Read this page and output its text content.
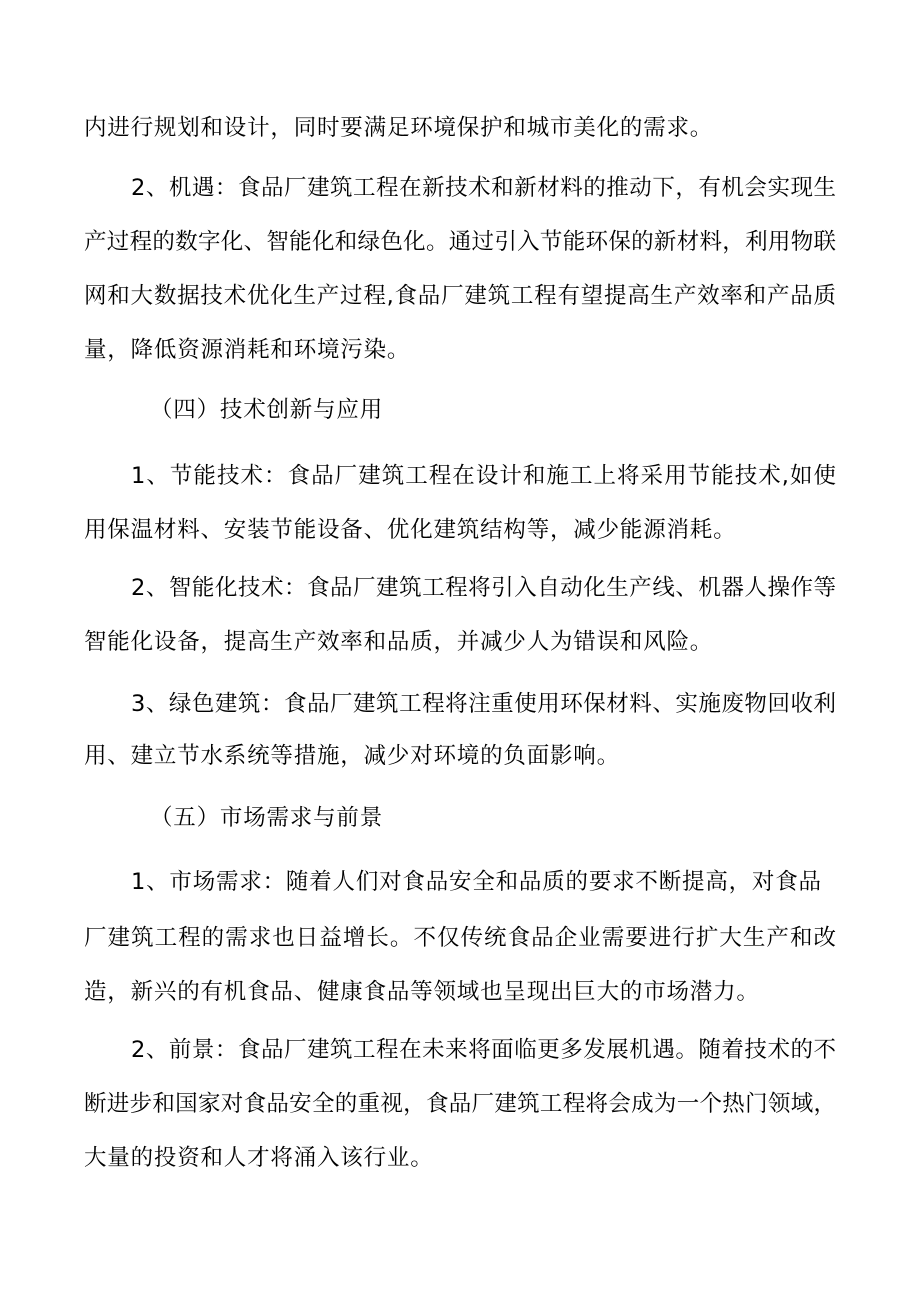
内进行规划和设计，同时要满足环境保护和城市美化的需求。
2、机遇：食品厂建筑工程在新技术和新材料的推动下，有机会实现生
产过程的数字化、智能化和绿色化。通过引入节能环保的新材料，利用物联
网和大数据技术优化生产过程,食品厂建筑工程有望提高生产效率和产品质
量，降低资源消耗和环境污染。
（四）技术创新与应用
1、节能技术：食品厂建筑工程在设计和施工上将采用节能技术,如使
用保温材料、安装节能设备、优化建筑结构等，减少能源消耗。
2、智能化技术：食品厂建筑工程将引入自动化生产线、机器人操作等
智能化设备，提高生产效率和品质，并减少人为错误和风险。
3、绿色建筑：食品厂建筑工程将注重使用环保材料、实施废物回收利
用、建立节水系统等措施，减少对环境的负面影响。
（五）市场需求与前景
1、市场需求：随着人们对食品安全和品质的要求不断提高，对食品
厂建筑工程的需求也日益增长。不仅传统食品企业需要进行扩大生产和改
造，新兴的有机食品、健康食品等领域也呈现出巨大的市场潜力。
2、前景：食品厂建筑工程在未来将面临更多发展机遇。随着技术的不
断进步和国家对食品安全的重视，食品厂建筑工程将会成为一个热门领域，
大量的投资和人才将涌入该行业。
